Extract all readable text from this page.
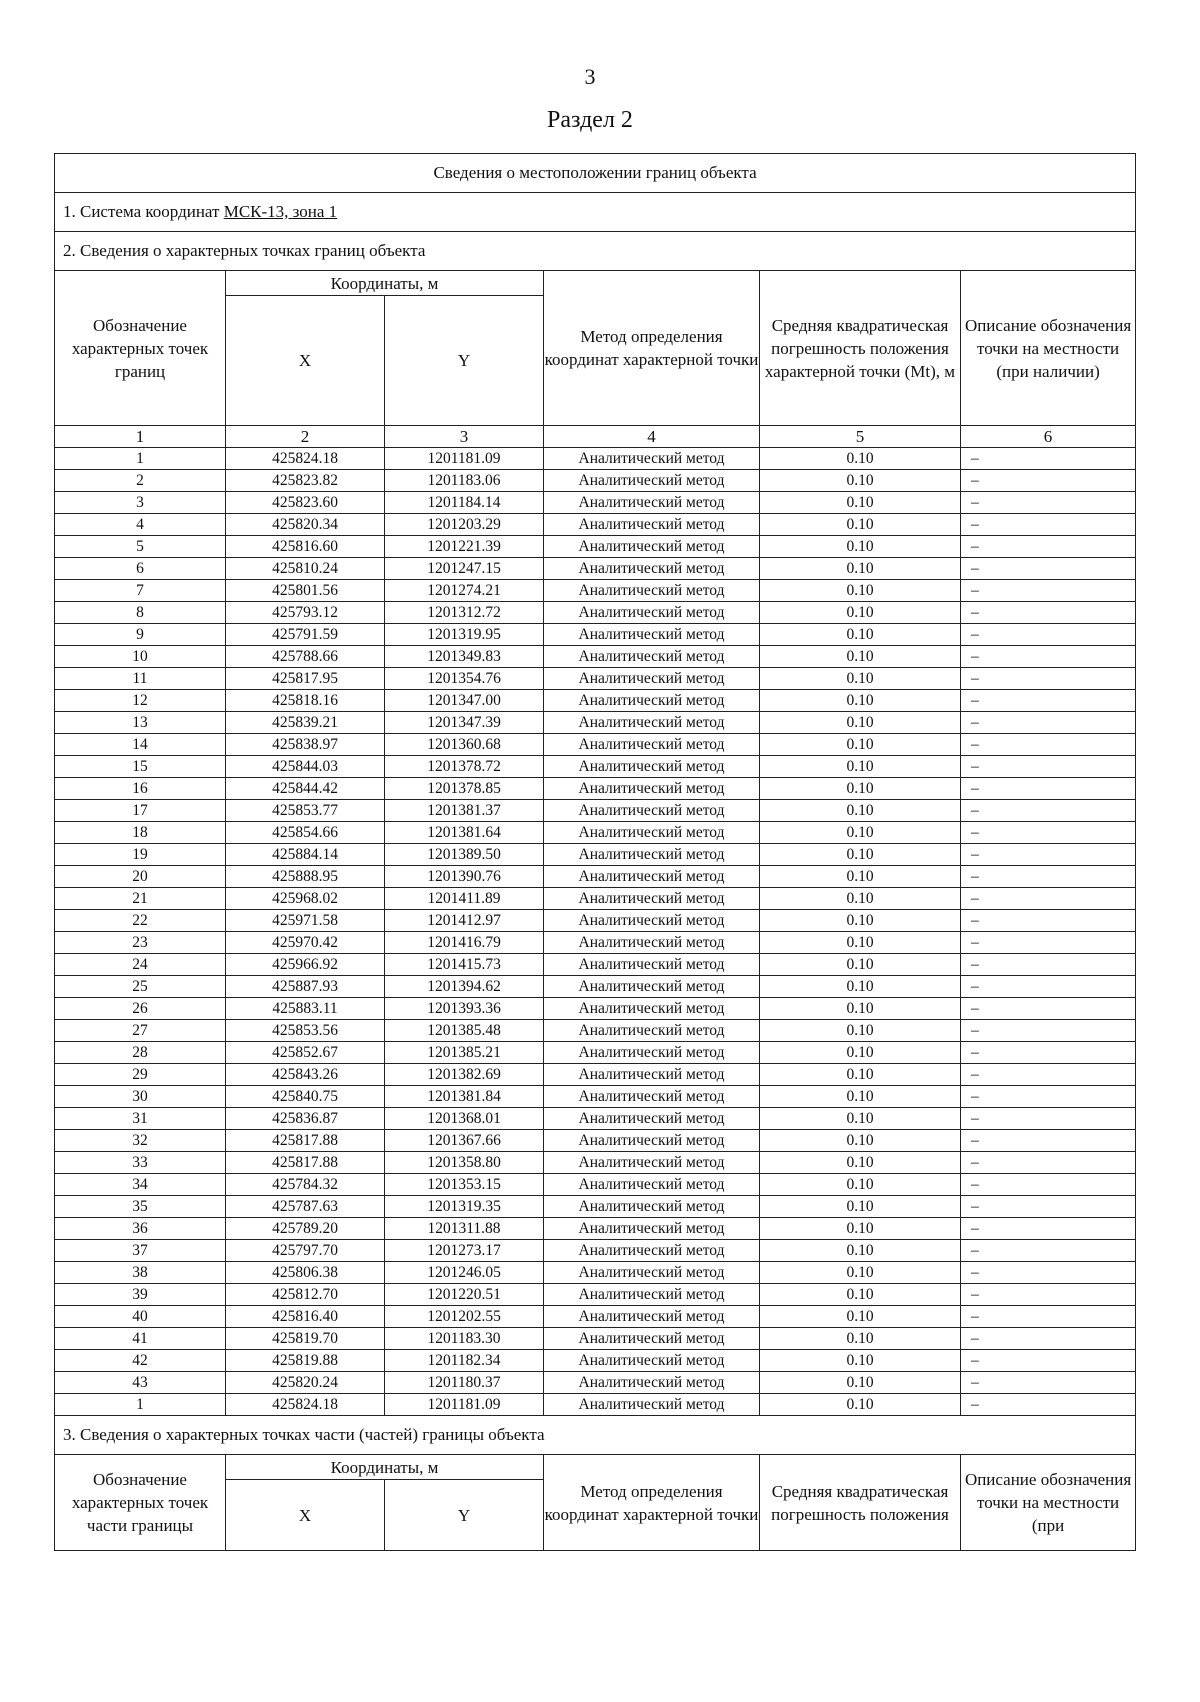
3
Раздел 2
Сведения о местоположении границ объекта					
1. Система координат МСК-13, зона 1					
2. Сведения о характерных точках границ объекта					
Обозначение характерных точек границ	Координаты, м		Метод определения координат характерной точки	Средняя квадратическая погрешность положения характерной точки (Mt), м	Описание обозначения точки на местности (при наличии)
	X	Y			
1	2	3	4	5	6
1	425824.18	1201181.09	Аналитический метод	0.10	–
2	425823.82	1201183.06	Аналитический метод	0.10	–
3	425823.60	1201184.14	Аналитический метод	0.10	–
4	425820.34	1201203.29	Аналитический метод	0.10	–
5	425816.60	1201221.39	Аналитический метод	0.10	–
6	425810.24	1201247.15	Аналитический метод	0.10	–
7	425801.56	1201274.21	Аналитический метод	0.10	–
8	425793.12	1201312.72	Аналитический метод	0.10	–
9	425791.59	1201319.95	Аналитический метод	0.10	–
10	425788.66	1201349.83	Аналитический метод	0.10	–
11	425817.95	1201354.76	Аналитический метод	0.10	–
12	425818.16	1201347.00	Аналитический метод	0.10	–
13	425839.21	1201347.39	Аналитический метод	0.10	–
14	425838.97	1201360.68	Аналитический метод	0.10	–
15	425844.03	1201378.72	Аналитический метод	0.10	–
16	425844.42	1201378.85	Аналитический метод	0.10	–
17	425853.77	1201381.37	Аналитический метод	0.10	–
18	425854.66	1201381.64	Аналитический метод	0.10	–
19	425884.14	1201389.50	Аналитический метод	0.10	–
20	425888.95	1201390.76	Аналитический метод	0.10	–
21	425968.02	1201411.89	Аналитический метод	0.10	–
22	425971.58	1201412.97	Аналитический метод	0.10	–
23	425970.42	1201416.79	Аналитический метод	0.10	–
24	425966.92	1201415.73	Аналитический метод	0.10	–
25	425887.93	1201394.62	Аналитический метод	0.10	–
26	425883.11	1201393.36	Аналитический метод	0.10	–
27	425853.56	1201385.48	Аналитический метод	0.10	–
28	425852.67	1201385.21	Аналитический метод	0.10	–
29	425843.26	1201382.69	Аналитический метод	0.10	–
30	425840.75	1201381.84	Аналитический метод	0.10	–
31	425836.87	1201368.01	Аналитический метод	0.10	–
32	425817.88	1201367.66	Аналитический метод	0.10	–
33	425817.88	1201358.80	Аналитический метод	0.10	–
34	425784.32	1201353.15	Аналитический метод	0.10	–
35	425787.63	1201319.35	Аналитический метод	0.10	–
36	425789.20	1201311.88	Аналитический метод	0.10	–
37	425797.70	1201273.17	Аналитический метод	0.10	–
38	425806.38	1201246.05	Аналитический метод	0.10	–
39	425812.70	1201220.51	Аналитический метод	0.10	–
40	425816.40	1201202.55	Аналитический метод	0.10	–
41	425819.70	1201183.30	Аналитический метод	0.10	–
42	425819.88	1201182.34	Аналитический метод	0.10	–
43	425820.24	1201180.37	Аналитический метод	0.10	–
1	425824.18	1201181.09	Аналитический метод	0.10	–
3. Сведения о характерных точках части (частей) границы объекта					
Обозначение характерных точек части границы	Координаты, м		Метод определения координат характерной точки	Средняя квадратическая погрешность положения	Описание обозначения точки на местности (при
	X	Y			
